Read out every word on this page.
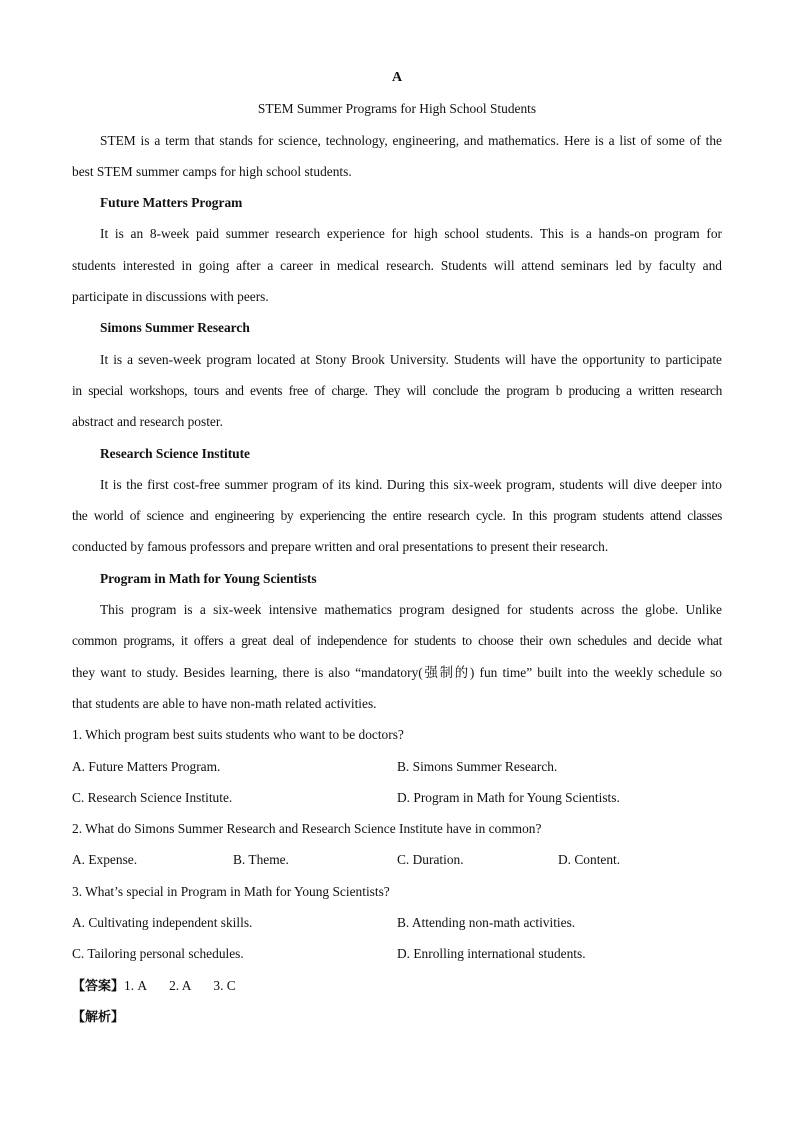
A
STEM Summer Programs for High School Students
STEM is a term that stands for science, technology, engineering, and mathematics. Here is a list of some of the
best STEM summer camps for high school students.
Future Matters Program
It is an 8-week paid summer research experience for high school students. This is a hands-on program for
students interested in going after a career in medical research. Students will attend seminars led by faculty and
participate in discussions with peers.
Simons Summer Research
It is a seven-week program located at Stony Brook University. Students will have the opportunity to participate
in special workshops, tours and events free of charge. They will conclude the program b producing a written research
abstract and research poster.
Research Science Institute
It is the first cost-free summer program of its kind. During this six-week program, students will dive deeper into
the world of science and engineering by experiencing the entire research cycle. In this program students attend classes
conducted by famous professors and prepare written and oral presentations to present their research.
Program in Math for Young Scientists
This program is a six-week intensive mathematics program designed for students across the globe. Unlike
common programs, it offers a great deal of independence for students to choose their own schedules and decide what
they want to study. Besides learning, there is also “mandatory(强制的) fun time” built into the weekly schedule so
that students are able to have non-math related activities.
1. Which program best suits students who want to be doctors?
A. Future Matters Program.	B. Simons Summer Research.
C. Research Science Institute.	D. Program in Math for Young Scientists.
2. What do Simons Summer Research and Research Science Institute have in common?
A. Expense.	B. Theme.	C. Duration.	D. Content.
3. What’s special in Program in Math for Young Scientists?
A. Cultivating independent skills.	B. Attending non-math activities.
C. Tailoring personal schedules.	D. Enrolling international students.
【答案】1. A 2. A 3. C
【解析】
